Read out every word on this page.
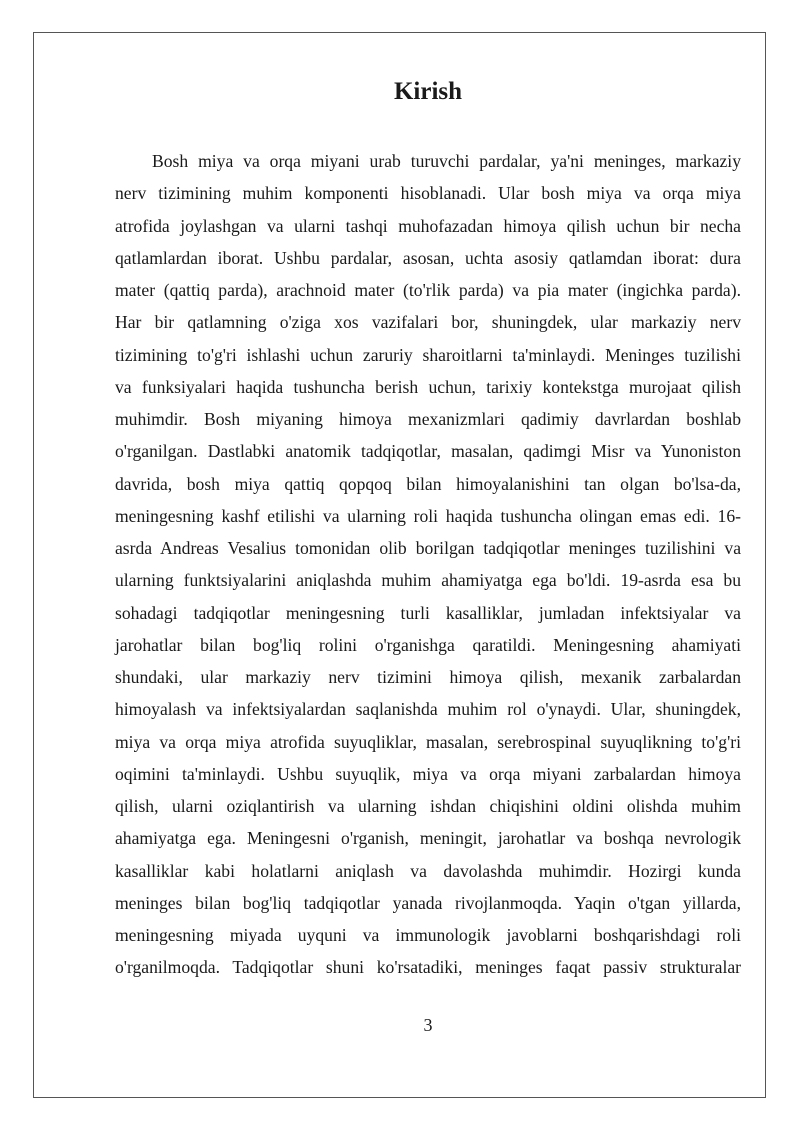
Kirish
Bosh miya va orqa miyani urab turuvchi pardalar, ya'ni meninges, markaziy
nerv tizimining muhim komponenti hisoblanadi. Ular bosh miya va orqa miya
atrofida joylashgan va ularni tashqi muhofazadan himoya qilish uchun bir necha
qatlamlardan iborat. Ushbu pardalar, asosan, uchta asosiy qatlamdan iborat: dura
mater (qattiq parda), arachnoid mater (to'rlik parda) va pia mater (ingichka parda).
Har bir qatlamning o'ziga xos vazifalari bor, shuningdek, ular markaziy nerv
tizimining to'g'ri ishlashi uchun zaruriy sharoitlarni ta'minlaydi. Meninges tuzilishi
va funksiyalari haqida tushuncha berish uchun, tarixiy kontekstga murojaat qilish
muhimdir. Bosh miyaning himoya mexanizmlari qadimiy davrlardan boshlab
o'rganilgan. Dastlabki anatomik tadqiqotlar, masalan, qadimgi Misr va Yunoniston
davrida, bosh miya qattiq qopqoq bilan himoyalanishini tan olgan bo'lsa-da,
meningesning kashf etilishi va ularning roli haqida tushuncha olingan emas edi. 16-
asrda Andreas Vesalius tomonidan olib borilgan tadqiqotlar meninges tuzilishini va
ularning funktsiyalarini aniqlashda muhim ahamiyatga ega bo'ldi. 19-asrda esa bu
sohadagi tadqiqotlar meningesning turli kasalliklar, jumladan infektsiyalar va
jarohatlar bilan bog'liq rolini o'rganishga qaratildi. Meningesning ahamiyati
shundaki, ular markaziy nerv tizimini himoya qilish, mexanik zarbalardan
himoyalash va infektsiyalardan saqlanishda muhim rol o'ynaydi. Ular, shuningdek,
miya va orqa miya atrofida suyuqliklar, masalan, serebrospinal suyuqlikning to'g'ri
oqimini ta'minlaydi. Ushbu suyuqlik, miya va orqa miyani zarbalardan himoya
qilish, ularni oziqlantirish va ularning ishdan chiqishini oldini olishda muhim
ahamiyatga ega. Meningesni o'rganish, meningit, jarohatlar va boshqa nevrologik
kasalliklar kabi holatlarni aniqlash va davolashda muhimdir. Hozirgi kunda
meninges bilan bog'liq tadqiqotlar yanada rivojlanmoqda. Yaqin o'tgan yillarda,
meningesning miyada uyquni va immunologik javoblarni boshqarishdagi roli
o'rganilmoqda. Tadqiqotlar shuni ko'rsatadiki, meninges faqat passiv strukturalar
3
